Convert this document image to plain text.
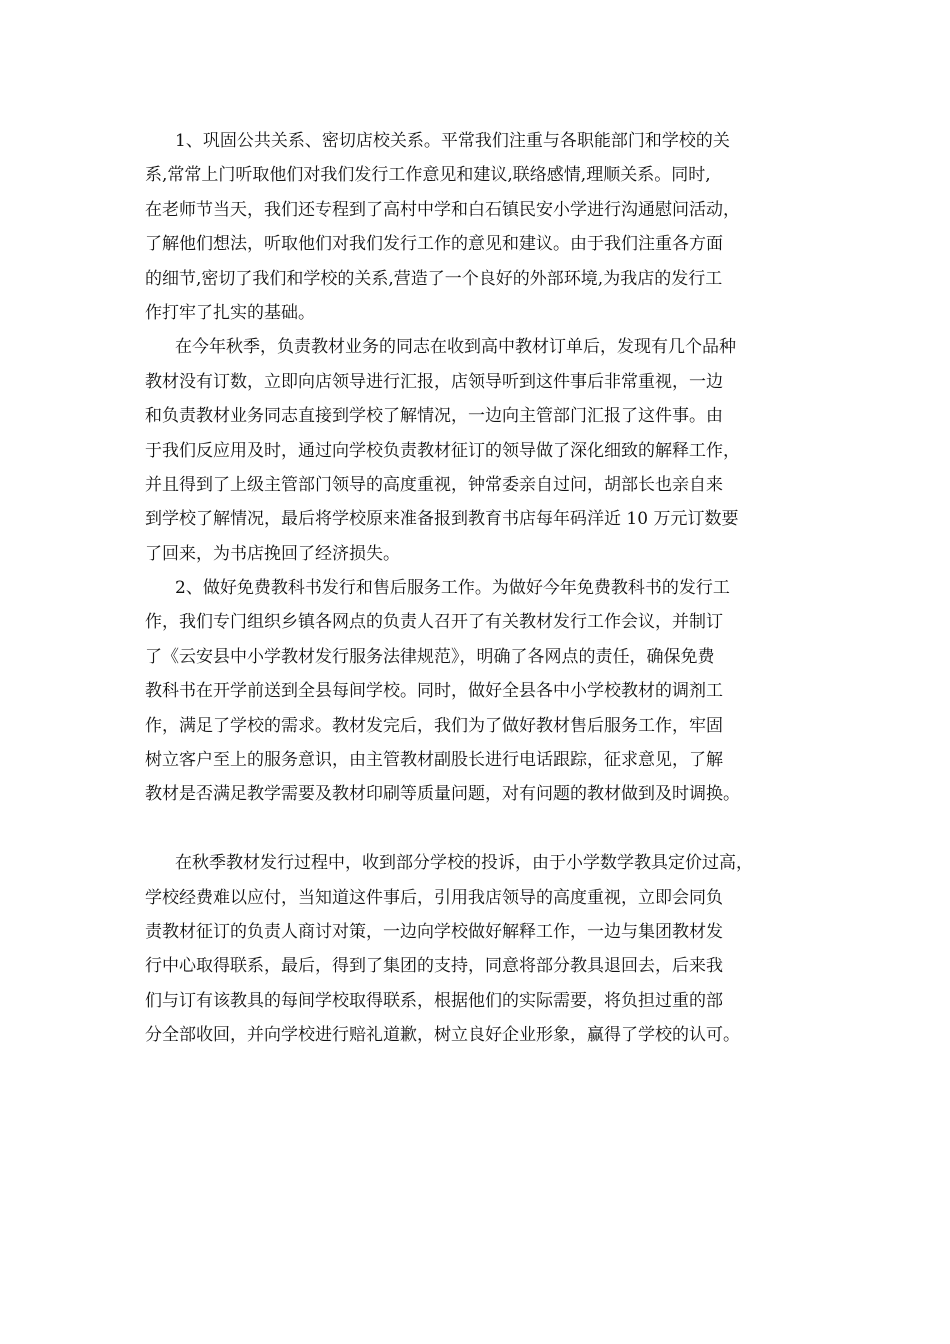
1、巩固公共关系、密切店校关系。平常我们注重与各职能部门和学校的关
系,常常上门听取他们对我们发行工作意见和建议,联络感情,理顺关系。同时,
在老师节当天，我们还专程到了高村中学和白石镇民安小学进行沟通慰问活动，
了解他们想法，听取他们对我们发行工作的意见和建议。由于我们注重各方面
的细节,密切了我们和学校的关系,营造了一个良好的外部环境,为我店的发行工
作打牢了扎实的基础。
在今年秋季，负责教材业务的同志在收到高中教材订单后，发现有几个品种
教材没有订数，立即向店领导进行汇报，店领导听到这件事后非常重视，一边
和负责教材业务同志直接到学校了解情况，一边向主管部门汇报了这件事。由
于我们反应用及时，通过向学校负责教材征订的领导做了深化细致的解释工作，
并且得到了上级主管部门领导的高度重视，钟常委亲自过问，胡部长也亲自来
到学校了解情况，最后将学校原来准备报到教育书店每年码洋近 10 万元订数要
了回来，为书店挽回了经济损失。
2、做好免费教科书发行和售后服务工作。为做好今年免费教科书的发行工
作，我们专门组织乡镇各网点的负责人召开了有关教材发行工作会议，并制订
了《云安县中小学教材发行服务法律规范》，明确了各网点的责任，确保免费
教科书在开学前送到全县每间学校。同时，做好全县各中小学校教材的调剂工
作，满足了学校的需求。教材发完后，我们为了做好教材售后服务工作，牢固
树立客户至上的服务意识，由主管教材副股长进行电话跟踪，征求意见，了解
教材是否满足教学需要及教材印刷等质量问题，对有问题的教材做到及时调换。
在秋季教材发行过程中，收到部分学校的投诉，由于小学数学教具定价过高，
学校经费难以应付，当知道这件事后，引用我店领导的高度重视，立即会同负
责教材征订的负责人商讨对策，一边向学校做好解释工作，一边与集团教材发
行中心取得联系，最后，得到了集团的支持，同意将部分教具退回去，后来我
们与订有该教具的每间学校取得联系，根据他们的实际需要，将负担过重的部
分全部收回，并向学校进行赔礼道歉，树立良好企业形象，赢得了学校的认可。
